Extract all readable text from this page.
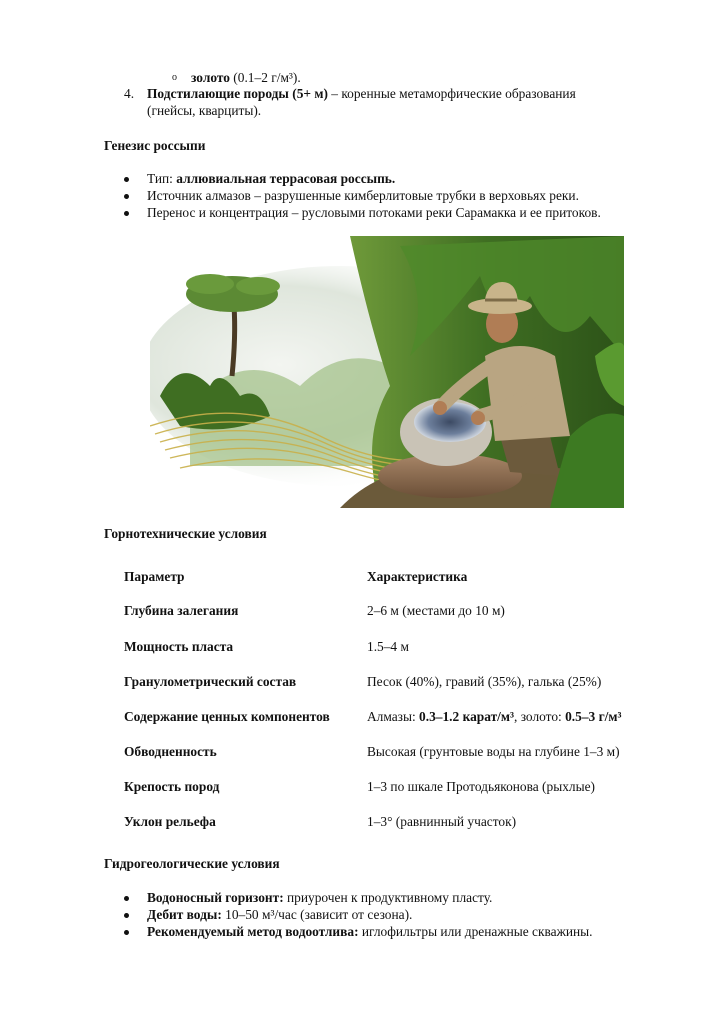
o золото (0.1–2 г/м³).
4. Подстилающие породы (5+ м) – коренные метаморфические образования
(гнейсы, кварциты).
Генезис россыпи
Тип: аллювиальная террасовая россыпь.
Источник алмазов – разрушенные кимберлитовые трубки в верховьях реки.
Перенос и концентрация – русловыми потоками реки Сарамакка и ее притоков.
Горнотехнические условия
Параметр	Характеристика
Глубина залегания	2–6 м (местами до 10 м)
Мощность пласта	1.5–4 м
Гранулометрический состав	Песок (40%), гравий (35%), галька (25%)
Содержание ценных компонентов	Алмазы: 0.3–1.2 карат/м³, золото: 0.5–3 г/м³
Обводненность	Высокая (грунтовые воды на глубине 1–3 м)
Крепость пород	1–3 по шкале Протодьяконова (рыхлые)
Уклон рельефа	1–3° (равнинный участок)
Гидрогеологические условия
Водоносный горизонт: приурочен к продуктивному пласту.
Дебит воды: 10–50 м³/час (зависит от сезона).
Рекомендуемый метод водоотлива: иглофильтры или дренажные скважины.
